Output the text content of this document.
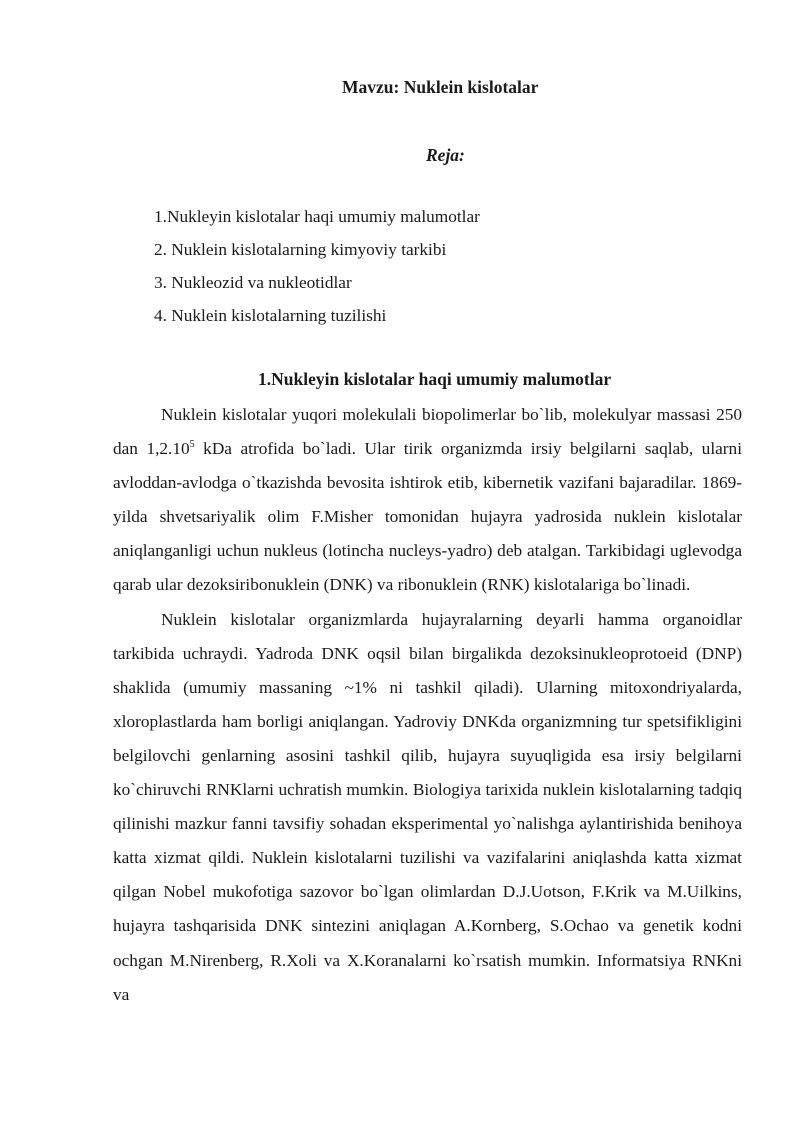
Mavzu: Nuklein kislotalar
Reja:
1.Nukleyin kislotalar haqi umumiy malumotlar
2. Nuklein kislotalarning kimyoviy tarkibi
3. Nukleozid va nukleotidlar
4. Nuklein kislotalarning tuzilishi
1.Nukleyin kislotalar haqi umumiy malumotlar

Nuklein kislotalar yuqori molekulali biopolimerlar bo`lib, molekulyar massasi 250 dan 1,2.10$^5$ kDa atrofida bo`ladi. Ular tirik organizmda irsiy belgilarni saqlab, ularni avloddan-avlodga o`tkazishda bevosita ishtirok etib, kibernetik vazifani bajaradilar. 1869- yilda shvetsariyalik olim F.Misher tomonidan hujayra yadrosida nuklein kislotalar aniqlanganligi uchun nukleus (lotincha nucleys-yadro) deb atalgan. Tarkibidagi uglevodga qarab ular dezoksiribonuklein (DNK) va ribonuklein (RNK) kislotalariga bo`linadi.

Nuklein kislotalar organizmlarda hujayralarning deyarli hamma organoidlar tarkibida uchraydi. Yadroda DNK oqsil bilan birgalikda dezoksinukleoprotoeid (DNP) shaklida (umumiy massaning ~1% ni tashkil qiladi). Ularning mitoxondriyalarda, xloroplastlarda ham borligi aniqlangan. Yadroviy DNKda organizmning tur spetsifikligini belgilovchi genlarning asosini tashkil qilib, hujayra suyuqligida esa irsiy belgilarni ko`chiruvchi RNKlarni uchratish mumkin. Biologiya tarixida nuklein kislotalarning tadqiq qilinishi mazkur fanni tavsifiy sohadan eksperimental yo`nalishga aylantirishida benihoya katta xizmat qildi. Nuklein kislotalarni tuzilishi va vazifalarini aniqlashda katta xizmat qilgan Nobel mukofotiga sazovor bo`lgan olimlardan D.J.Uotson, F.Krik va M.Uilkins, hujayra tashqarisida DNK sintezini aniqlagan A.Kornberg, S.Ochao va genetik kodni ochgan M.Nirenberg, R.Xoli va X.Koranalarni ko`rsatish mumkin. Informatsiya RNKni va
